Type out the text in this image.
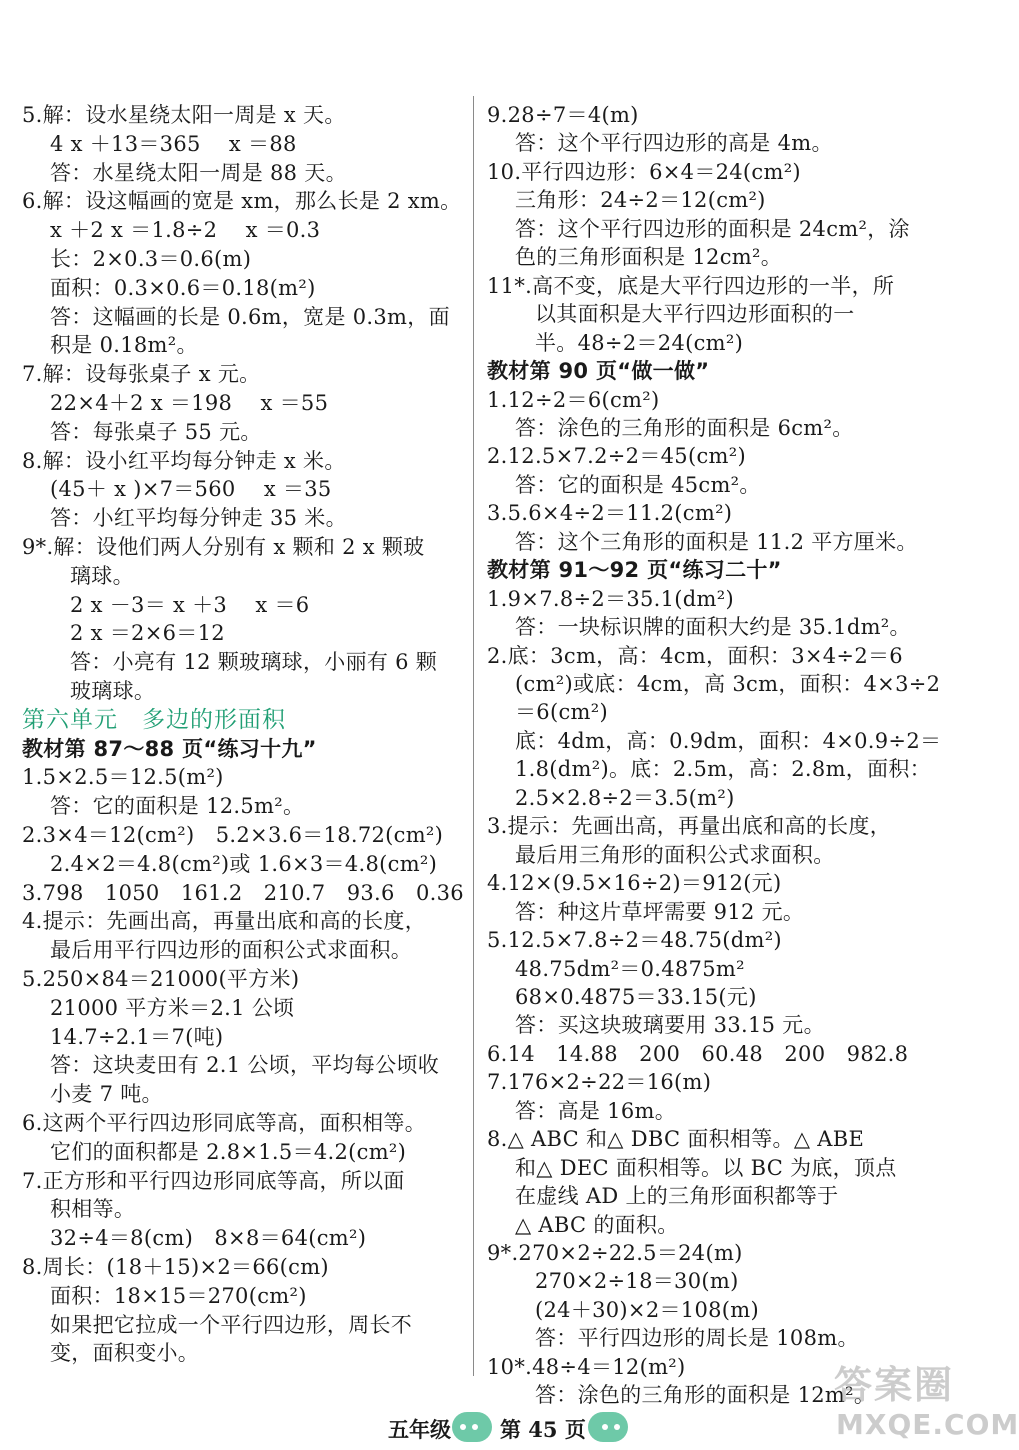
5.解：设水星绕太阳一周是 x 天。
4 x ＋13＝365　 x ＝88
答：水星绕太阳一周是 88 天。
6.解：设这幅画的宽是 xm，那么长是 2 xm。
x ＋2 x ＝1.8÷2　 x ＝0.3
长：2×0.3＝0.6(m)
面积：0.3×0.6＝0.18(m²)
答：这幅画的长是 0.6m，宽是 0.3m，面
积是 0.18m²。
7.解：设每张桌子 x 元。
22×4＋2 x ＝198　 x ＝55
答：每张桌子 55 元。
8.解：设小红平均每分钟走 x 米。
(45＋ x )×7＝560　 x ＝35
答：小红平均每分钟走 35 米。
9*.解：设他们两人分别有 x 颗和 2 x 颗玻
璃球。
2 x －3＝ x ＋3　 x ＝6
2 x ＝2×6＝12
答：小亮有 12 颗玻璃球，小丽有 6 颗
玻璃球。
第六单元　多边的形面积
教材第 87～88 页“练习十九”
1.5×2.5＝12.5(m²)
答：它的面积是 12.5m²。
2.3×4＝12(cm²)　5.2×3.6＝18.72(cm²)
2.4×2＝4.8(cm²)或 1.6×3＝4.8(cm²)
3.798　1050　161.2　210.7　93.6　0.36
4.提示：先画出高，再量出底和高的长度，
最后用平行四边形的面积公式求面积。
5.250×84＝21000(平方米)
21000 平方米＝2.1 公顷
14.7÷2.1＝7(吨)
答：这块麦田有 2.1 公顷，平均每公顷收
小麦 7 吨。
6.这两个平行四边形同底等高，面积相等。
它们的面积都是 2.8×1.5＝4.2(cm²)
7.正方形和平行四边形同底等高，所以面
积相等。
32÷4＝8(cm)　8×8＝64(cm²)
8.周长：(18＋15)×2＝66(cm)
面积：18×15＝270(cm²)
如果把它拉成一个平行四边形，周长不
变，面积变小。
9.28÷7＝4(m)
答：这个平行四边形的高是 4m。
10.平行四边形：6×4＝24(cm²)
三角形：24÷2＝12(cm²)
答：这个平行四边形的面积是 24cm²，涂
色的三角形面积是 12cm²。
11*.高不变，底是大平行四边形的一半，所
以其面积是大平行四边形面积的一
半。48÷2＝24(cm²)
教材第 90 页“做一做”
1.12÷2＝6(cm²)
答：涂色的三角形的面积是 6cm²。
2.12.5×7.2÷2＝45(cm²)
答：它的面积是 45cm²。
3.5.6×4÷2＝11.2(cm²)
答：这个三角形的面积是 11.2 平方厘米。
教材第 91～92 页“练习二十”
1.9×7.8÷2＝35.1(dm²)
答：一块标识牌的面积大约是 35.1dm²。
2.底：3cm，高：4cm，面积：3×4÷2＝6
(cm²)或底：4cm，高 3cm，面积：4×3÷2
＝6(cm²)
底：4dm，高：0.9dm，面积：4×0.9÷2＝
1.8(dm²)。底：2.5m，高：2.8m，面积：
2.5×2.8÷2＝3.5(m²)
3.提示：先画出高，再量出底和高的长度，
最后用三角形的面积公式求面积。
4.12×(9.5×16÷2)＝912(元)
答：种这片草坪需要 912 元。
5.12.5×7.8÷2＝48.75(dm²)
48.75dm²＝0.4875m²
68×0.4875＝33.15(元)
答：买这块玻璃要用 33.15 元。
6.14　14.88　200　60.48　200　982.8
7.176×2÷22＝16(m)
答：高是 16m。
8.△ ABC 和△ DBC 面积相等。△ ABE
和△ DEC 面积相等。以 BC 为底，顶点
在虚线 AD 上的三角形面积都等于
△ ABC 的面积。
9*.270×2÷22.5＝24(m)
270×2÷18＝30(m)
(24＋30)×2＝108(m)
答：平行四边形的周长是 108m。
10*.48÷4＝12(m²)
答：涂色的三角形的面积是 12m²。
五年级 第 45 页
答案圈
MXQE.COM
